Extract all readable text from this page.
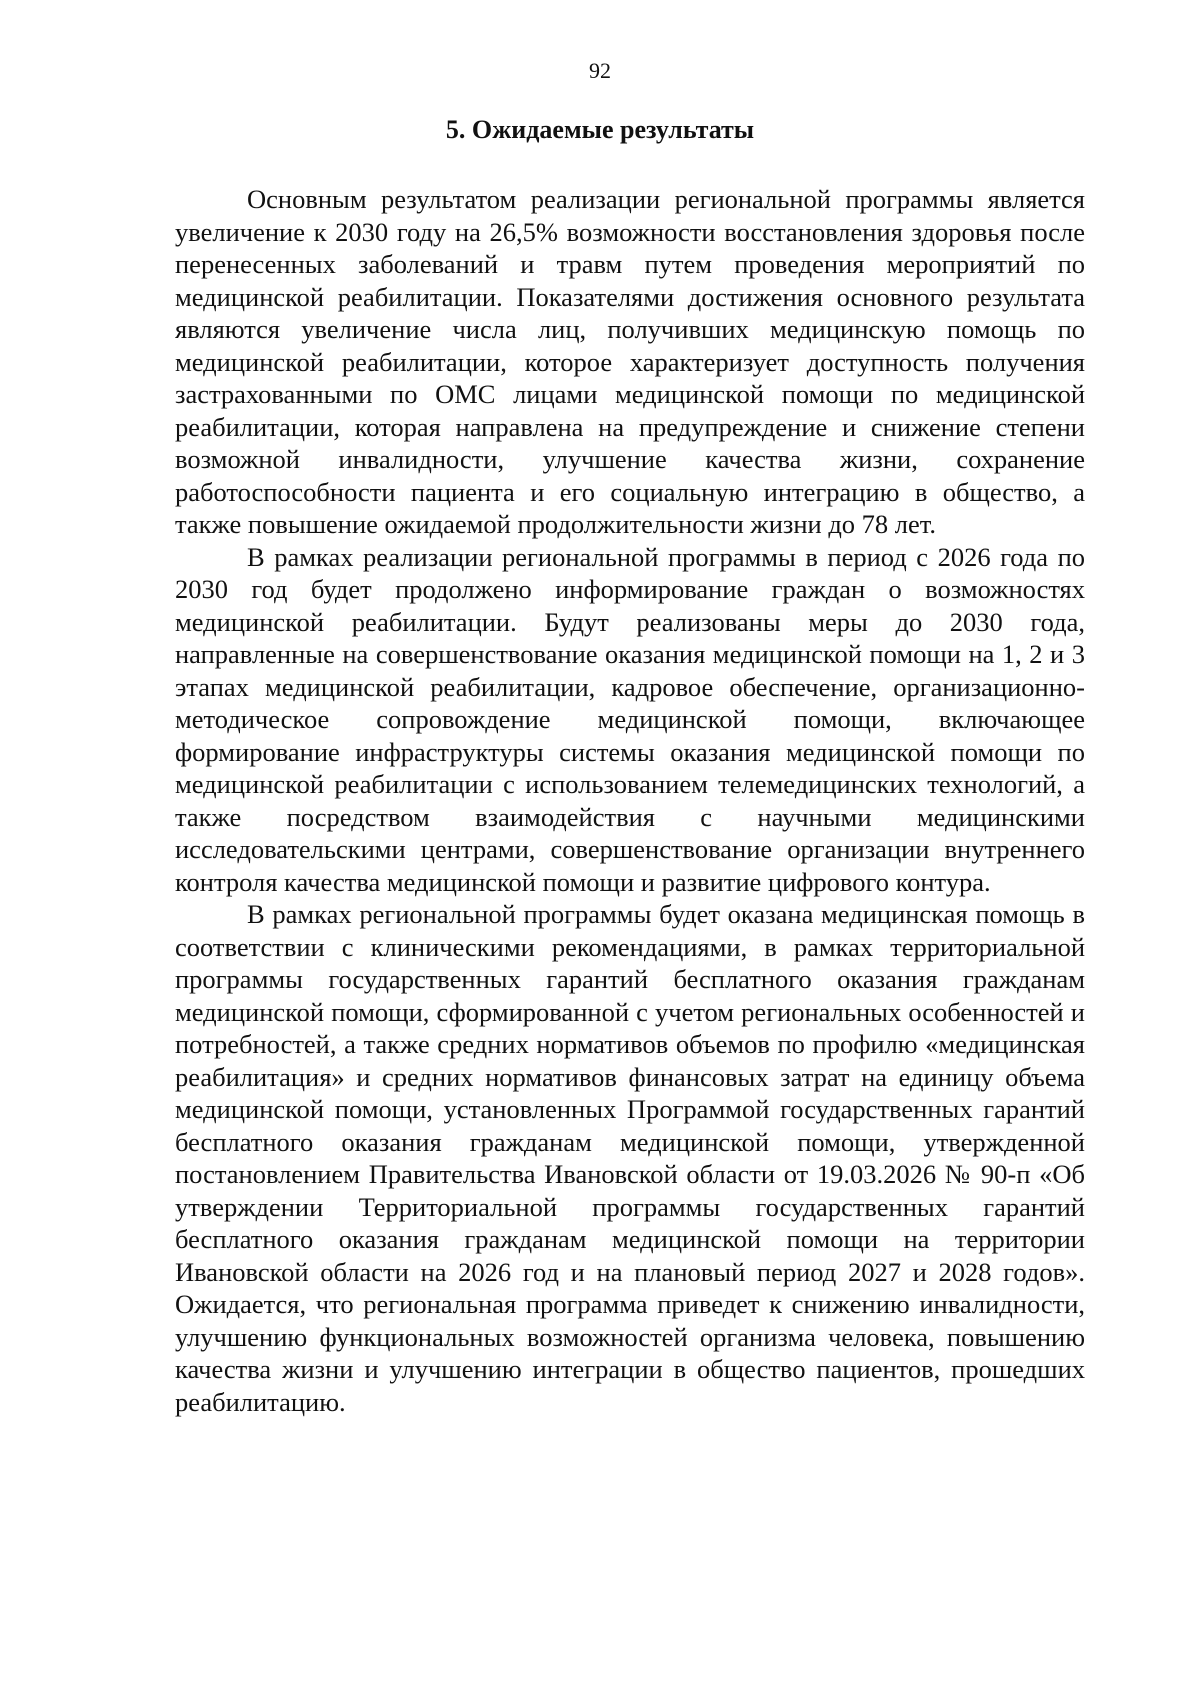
92
5. Ожидаемые результаты

Основным результатом реализации региональной программы является увеличение к 2030 году на 26,5% возможности восстановления здоровья после перенесенных заболеваний и травм путем проведения мероприятий по медицинской реабилитации. Показателями достижения основного результата являются увеличение числа лиц, получивших медицинскую помощь по медицинской реабилитации, которое характеризует доступность получения застрахованными по ОМС лицами медицинской помощи по медицинской реабилитации, которая направлена на предупреждение и снижение степени возможной инвалидности, улучшение качества жизни, сохранение работоспособности пациента и его социальную интеграцию в общество, а также повышение ожидаемой продолжительности жизни до 78 лет.

В рамках реализации региональной программы в период с 2026 года по 2030 год будет продолжено информирование граждан о возможностях медицинской реабилитации. Будут реализованы меры до 2030 года, направленные на совершенствование оказания медицинской помощи на 1, 2 и 3 этапах медицинской реабилитации, кадровое обеспечение, организационно-методическое сопровождение медицинской помощи, включающее формирование инфраструктуры системы оказания медицинской помощи по медицинской реабилитации с использованием телемедицинских технологий, а также посредством взаимодействия с научными медицинскими исследовательскими центрами, совершенствование организации внутреннего контроля качества медицинской помощи и развитие цифрового контура.

В рамках региональной программы будет оказана медицинская помощь в соответствии с клиническими рекомендациями, в рамках территориальной программы государственных гарантий бесплатного оказания гражданам медицинской помощи, сформированной с учетом региональных особенностей и потребностей, а также средних нормативов объемов по профилю «медицинская реабилитация» и средних нормативов финансовых затрат на единицу объема медицинской помощи, установленных Программой государственных гарантий бесплатного оказания гражданам медицинской помощи, утвержденной постановлением Правительства Ивановской области от 19.03.2026 № 90-п «Об утверждении Территориальной программы государственных гарантий бесплатного оказания гражданам медицинской помощи на территории Ивановской области на 2026 год и на плановый период 2027 и 2028 годов». Ожидается, что региональная программа приведет к снижению инвалидности, улучшению функциональных возможностей организма человека, повышению качества жизни и улучшению интеграции в общество пациентов, прошедших реабилитацию.
